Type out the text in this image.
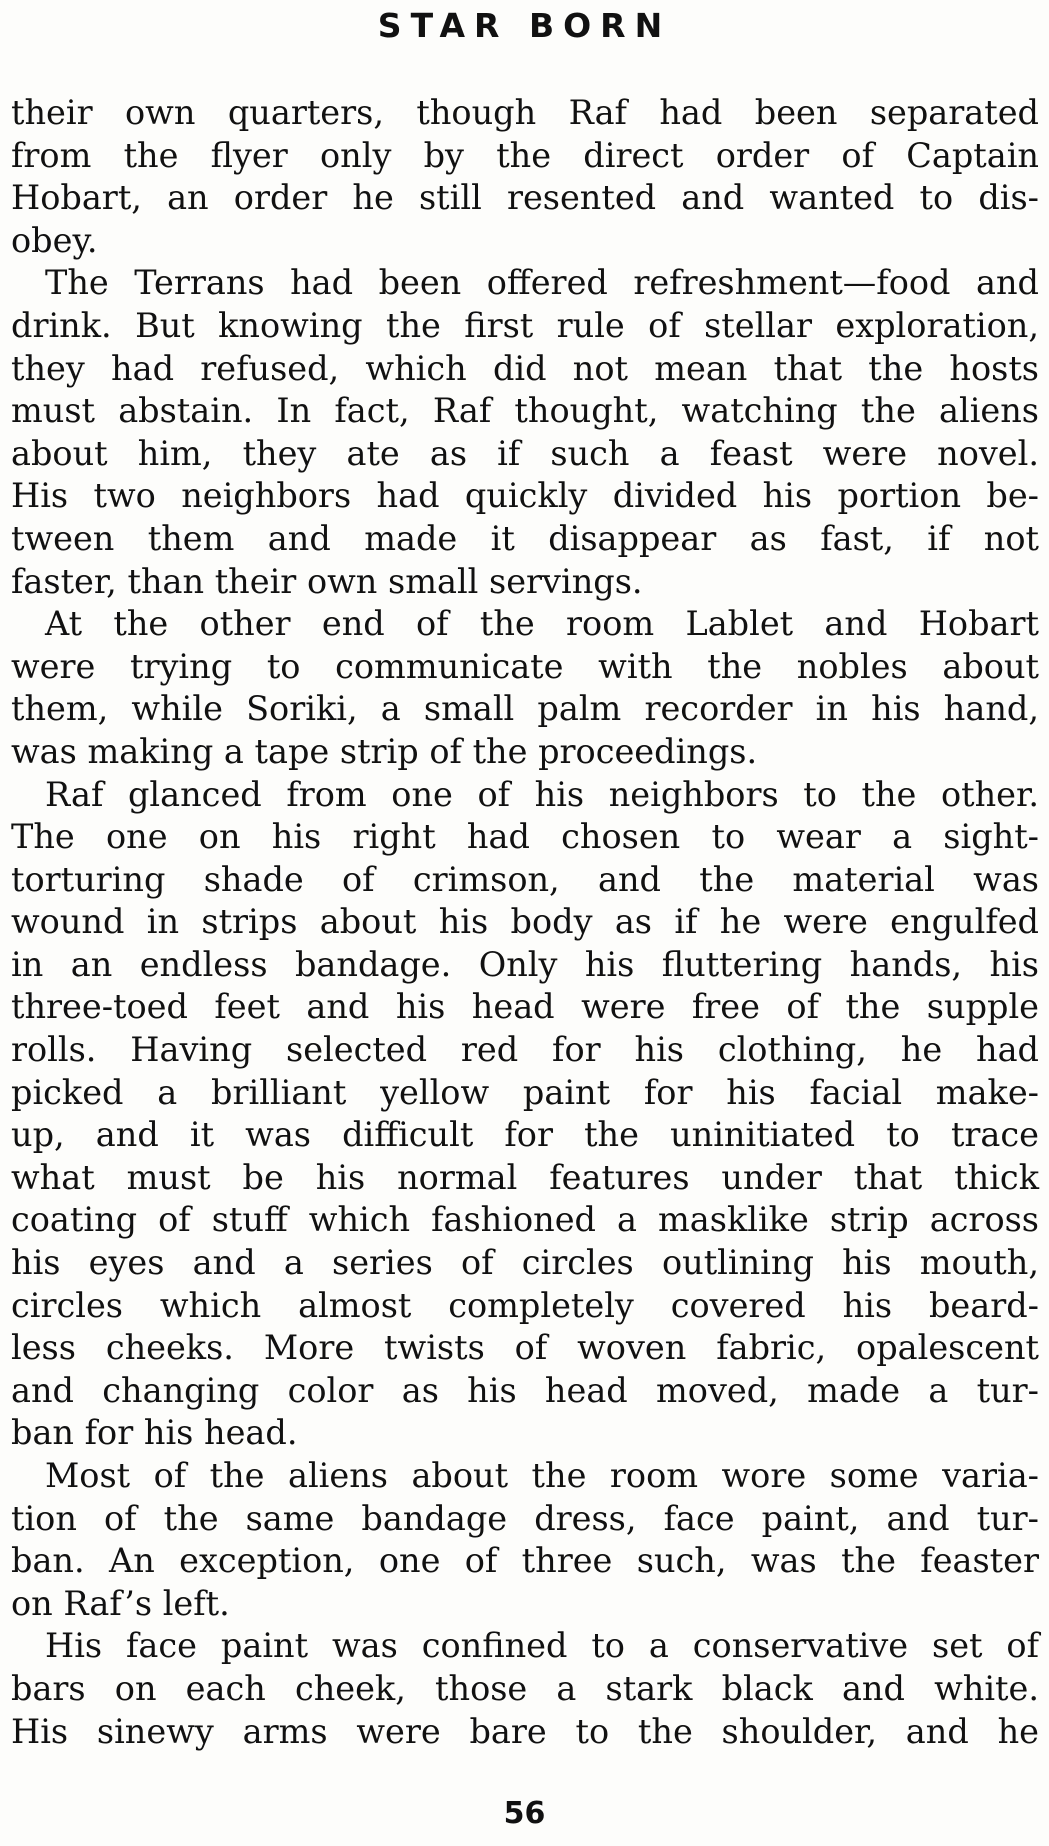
STAR BORN
their own quarters, though Raf had been separated
from the flyer only by the direct order of Captain
Hobart, an order he still resented and wanted to dis-
obey.
The Terrans had been offered refreshment—food and
drink. But knowing the first rule of stellar exploration,
they had refused, which did not mean that the hosts
must abstain. In fact, Raf thought, watching the aliens
about him, they ate as if such a feast were novel.
His two neighbors had quickly divided his portion be-
tween them and made it disappear as fast, if not
faster, than their own small servings.
At the other end of the room Lablet and Hobart
were trying to communicate with the nobles about
them, while Soriki, a small palm recorder in his hand,
was making a tape strip of the proceedings.
Raf glanced from one of his neighbors to the other.
The one on his right had chosen to wear a sight-
torturing shade of crimson, and the material was
wound in strips about his body as if he were engulfed
in an endless bandage. Only his fluttering hands, his
three-toed feet and his head were free of the supple
rolls. Having selected red for his clothing, he had
picked a brilliant yellow paint for his facial make-
up, and it was difficult for the uninitiated to trace
what must be his normal features under that thick
coating of stuff which fashioned a masklike strip across
his eyes and a series of circles outlining his mouth,
circles which almost completely covered his beard-
less cheeks. More twists of woven fabric, opalescent
and changing color as his head moved, made a tur-
ban for his head.
Most of the aliens about the room wore some varia-
tion of the same bandage dress, face paint, and tur-
ban. An exception, one of three such, was the feaster
on Raf’s left.
His face paint was confined to a conservative set of
bars on each cheek, those a stark black and white.
His sinewy arms were bare to the shoulder, and he
56
